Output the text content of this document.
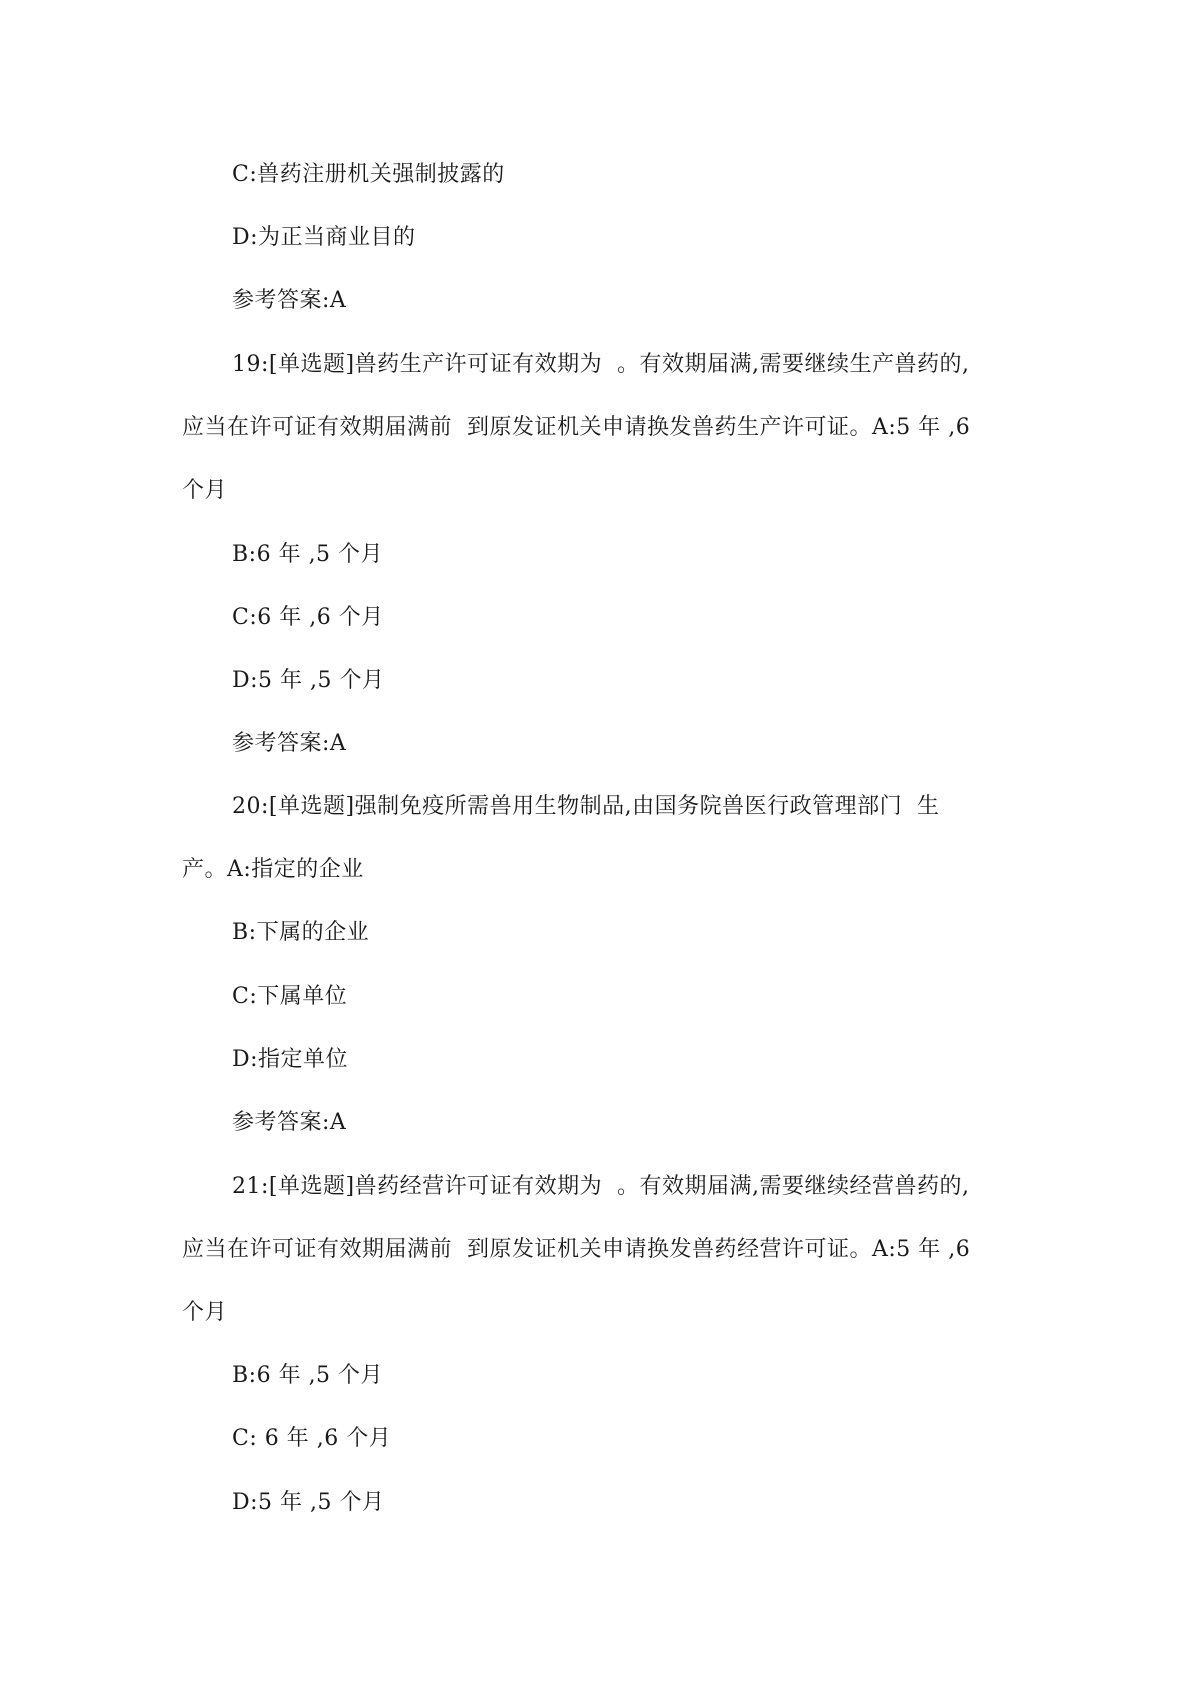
C:兽药注册机关强制披露的
D:为正当商业目的
参考答案:A
19:[单选题]兽药生产许可证有效期为  。有效期届满,需要继续生产兽药的,
应当在许可证有效期届满前  到原发证机关申请换发兽药生产许可证。A:5 年 ,6
个月
B:6 年 ,5 个月
C:6 年 ,6 个月
D:5 年 ,5 个月
参考答案:A
20:[单选题]强制免疫所需兽用生物制品,由国务院兽医行政管理部门  生
产。A:指定的企业
B:下属的企业
C:下属单位
D:指定单位
参考答案:A
21:[单选题]兽药经营许可证有效期为  。有效期届满,需要继续经营兽药的,
应当在许可证有效期届满前  到原发证机关申请换发兽药经营许可证。A:5 年 ,6
个月
B:6 年 ,5 个月
C: 6 年 ,6 个月
D:5 年 ,5 个月
